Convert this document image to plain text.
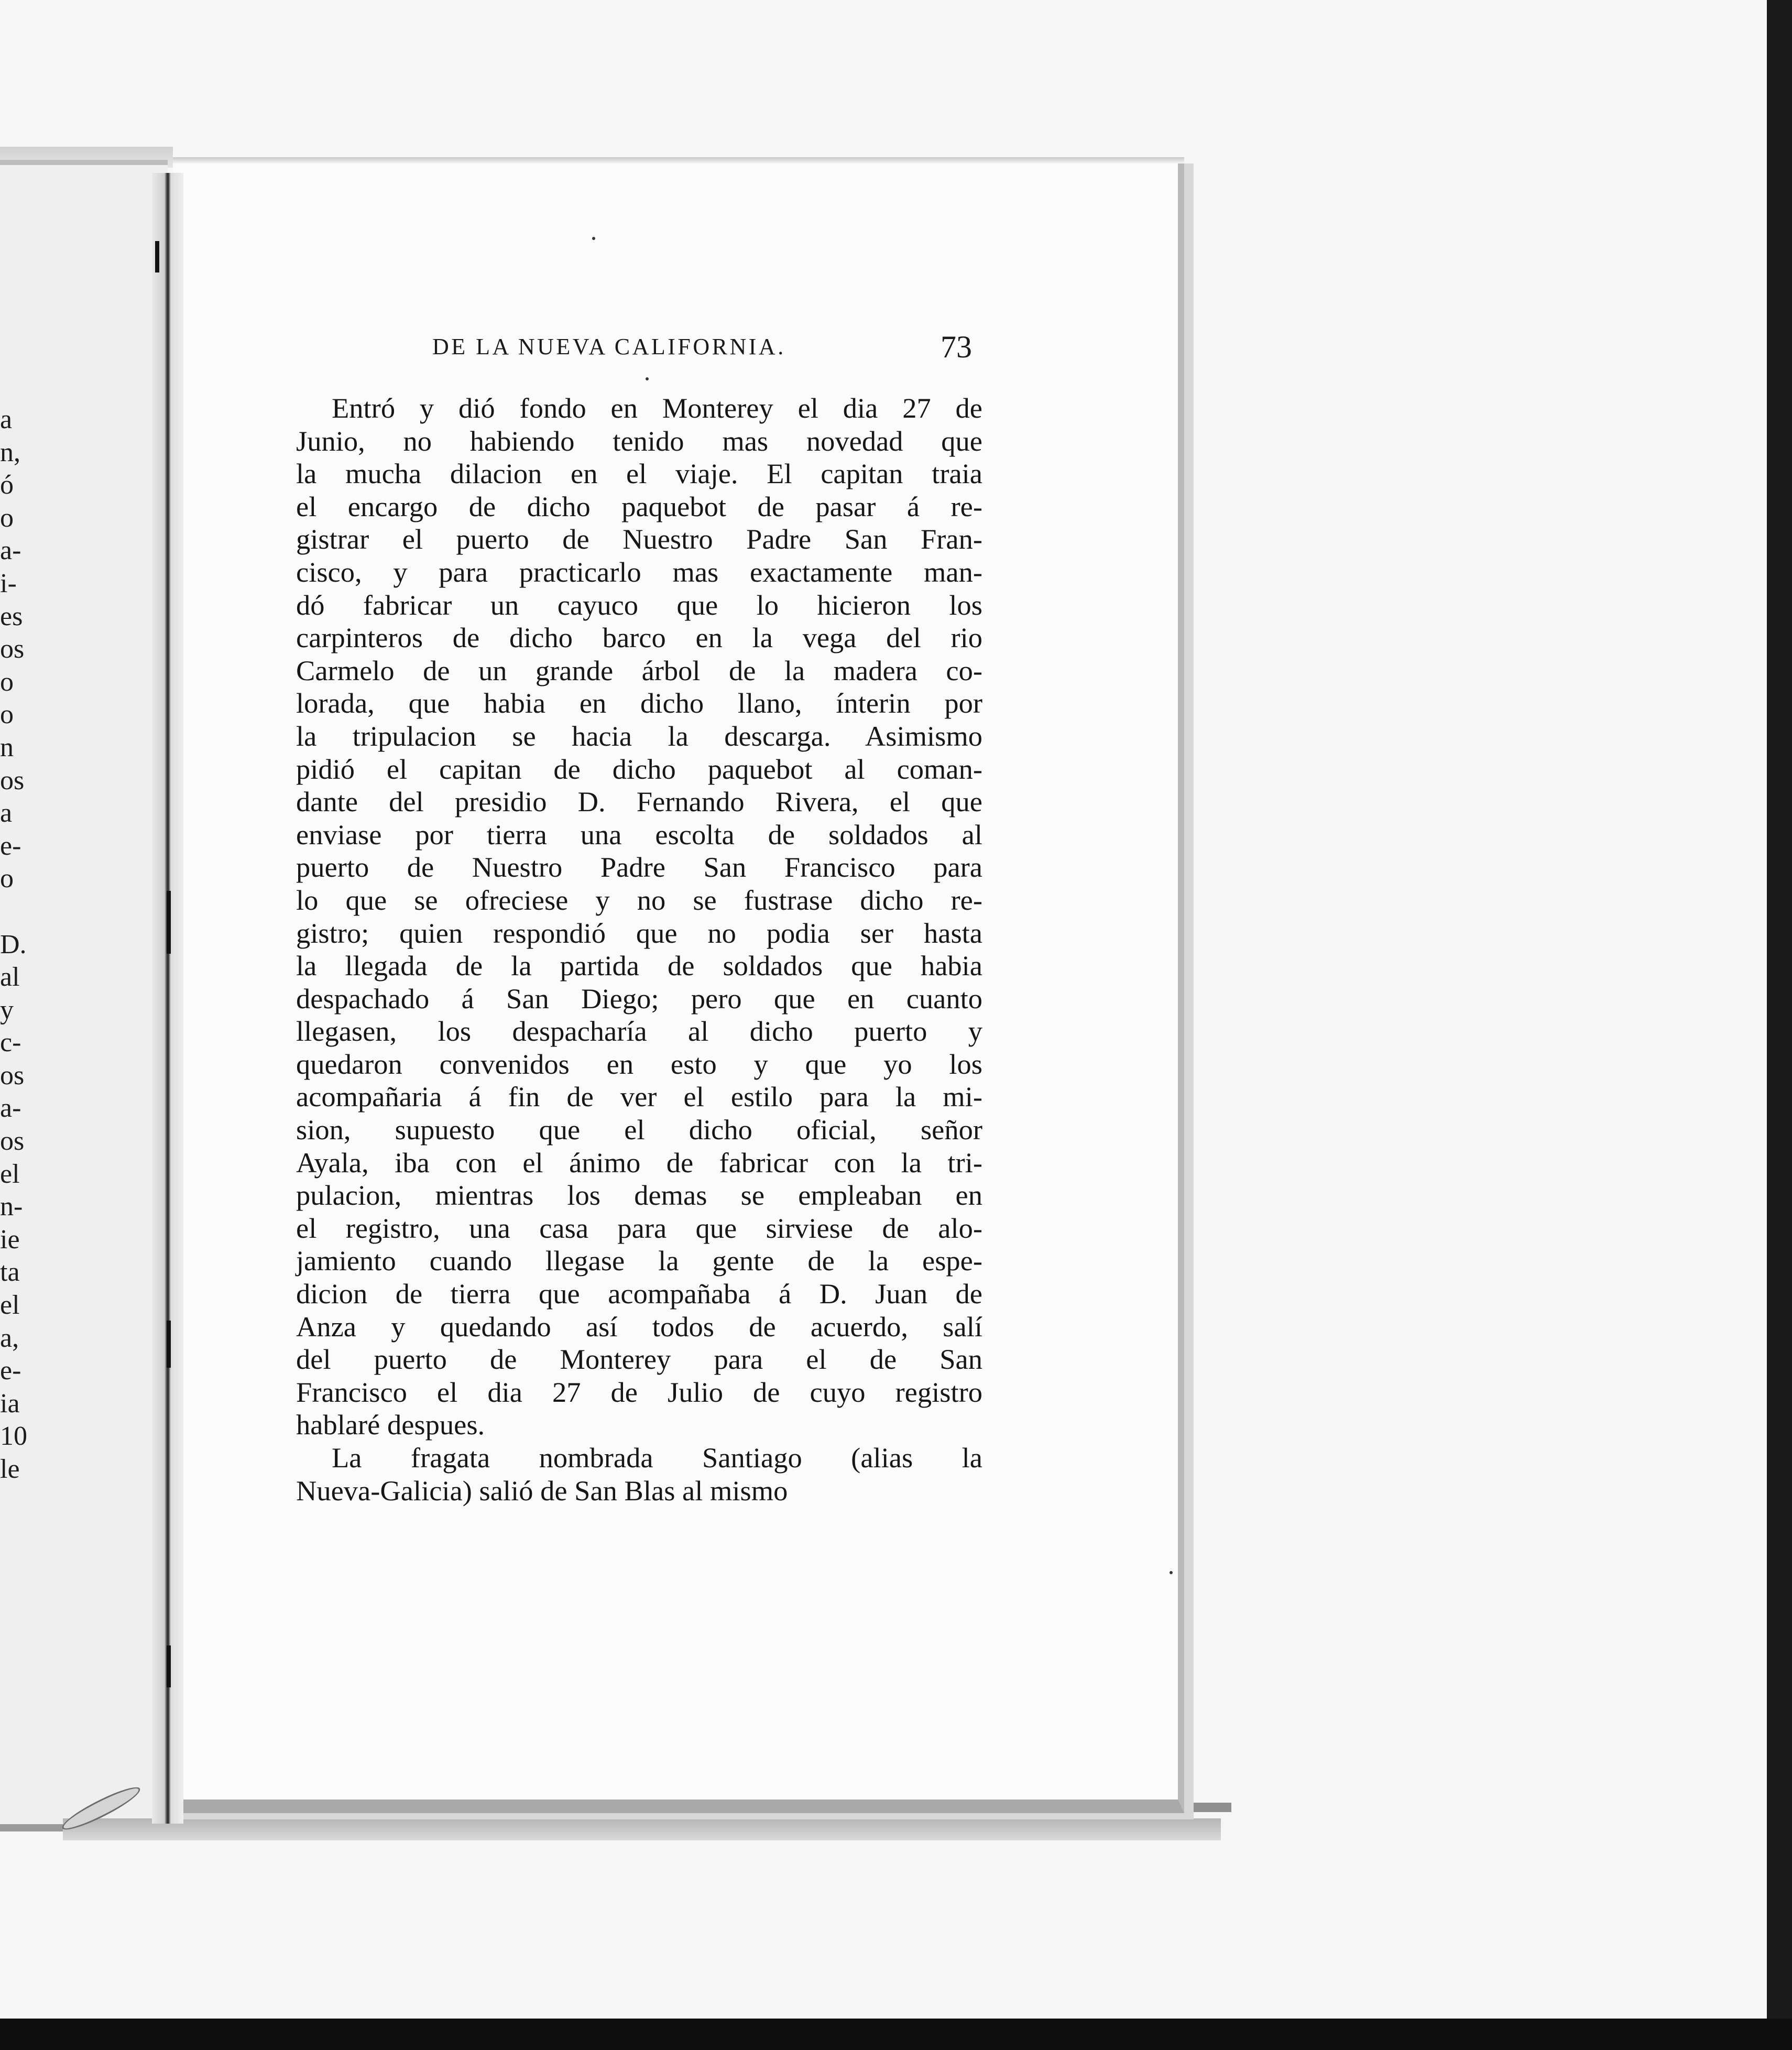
a
n,
ó
o
a-
i-
es
os
o
o
n
os
a
e-
o
D.
al
y
c-
os
a-
os
el
n-
ie
ta
el
a,
e-
ia
10
le
DE LA NUEVA CALIFORNIA.	73
Entró y dió fondo en Monterey el dia 27 de
Junio, no habiendo tenido mas novedad que
la mucha dilacion en el viaje. El capitan traia
el encargo de dicho paquebot de pasar á re-
gistrar el puerto de Nuestro Padre San Fran-
cisco, y para practicarlo mas exactamente man-
dó fabricar un cayuco que lo hicieron los
carpinteros de dicho barco en la vega del rio
Carmelo de un grande árbol de la madera co-
lorada, que habia en dicho llano, ínterin por
la tripulacion se hacia la descarga. Asimismo
pidió el capitan de dicho paquebot al coman-
dante del presidio D. Fernando Rivera, el que
enviase por tierra una escolta de soldados al
puerto de Nuestro Padre San Francisco para
lo que se ofreciese y no se fustrase dicho re-
gistro; quien respondió que no podia ser hasta
la llegada de la partida de soldados que habia
despachado á San Diego; pero que en cuanto
llegasen, los despacharía al dicho puerto y
quedaron convenidos en esto y que yo los
acompañaria á fin de ver el estilo para la mi-
sion, supuesto que el dicho oficial, señor
Ayala, iba con el ánimo de fabricar con la tri-
pulacion, mientras los demas se empleaban en
el registro, una casa para que sirviese de alo-
jamiento cuando llegase la gente de la espe-
dicion de tierra que acompañaba á D. Juan de
Anza y quedando así todos de acuerdo, salí
del puerto de Monterey para el de San
Francisco el dia 27 de Julio de cuyo registro
hablaré despues.
La fragata nombrada Santiago (alias la
Nueva-Galicia) salió de San Blas al mismo
